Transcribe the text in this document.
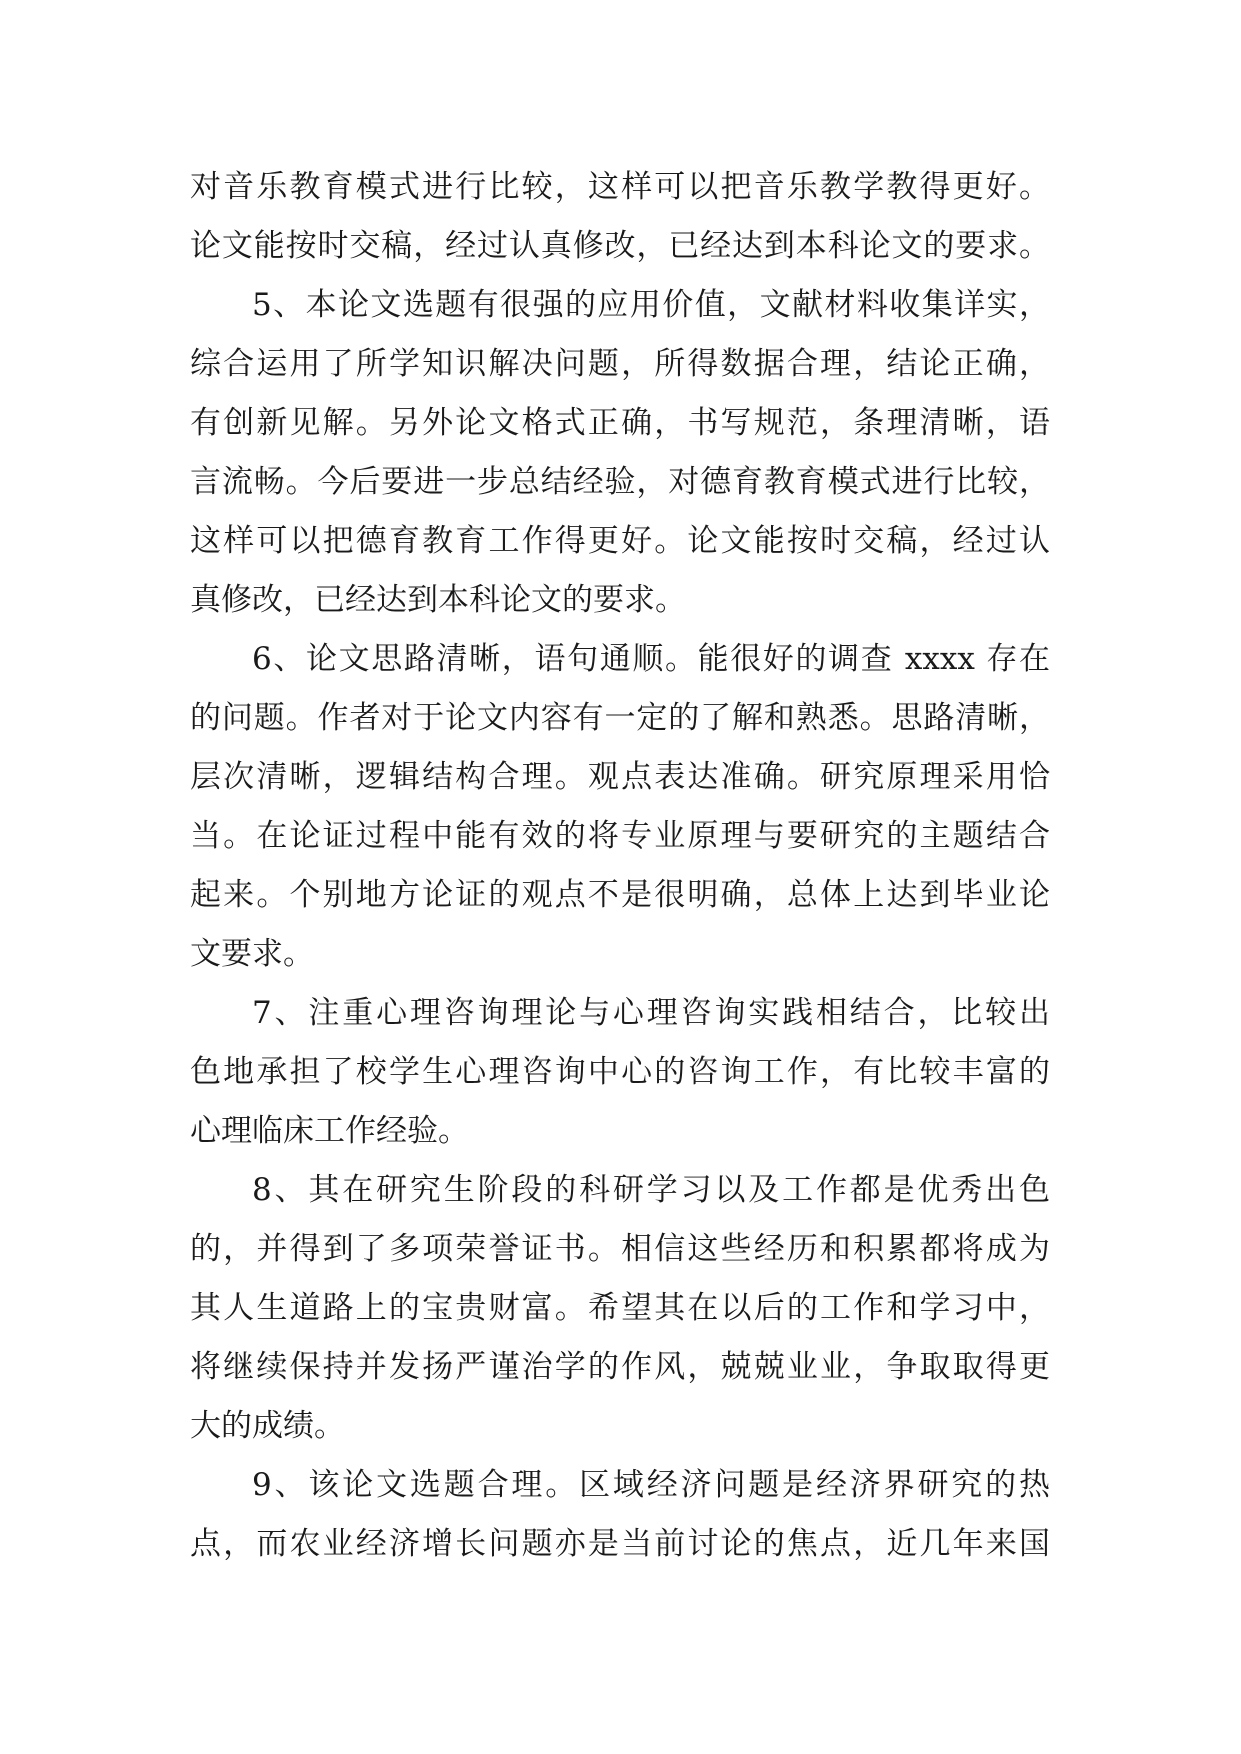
对音乐教育模式进行比较，这样可以把音乐教学教得更好。
论文能按时交稿，经过认真修改，已经达到本科论文的要求。
5、本论文选题有很强的应用价值，文献材料收集详实，
综合运用了所学知识解决问题，所得数据合理，结论正确，
有创新见解。另外论文格式正确，书写规范，条理清晰，语
言流畅。今后要进一步总结经验，对德育教育模式进行比较，
这样可以把德育教育工作得更好。论文能按时交稿，经过认
真修改，已经达到本科论文的要求。
6、论文思路清晰，语句通顺。能很好的调查 xxxx 存在
的问题。作者对于论文内容有一定的了解和熟悉。思路清晰，
层次清晰，逻辑结构合理。观点表达准确。研究原理采用恰
当。在论证过程中能有效的将专业原理与要研究的主题结合
起来。个别地方论证的观点不是很明确，总体上达到毕业论
文要求。
7、注重心理咨询理论与心理咨询实践相结合，比较出
色地承担了校学生心理咨询中心的咨询工作，有比较丰富的
心理临床工作经验。
8、其在研究生阶段的科研学习以及工作都是优秀出色
的，并得到了多项荣誉证书。相信这些经历和积累都将成为
其人生道路上的宝贵财富。希望其在以后的工作和学习中，
将继续保持并发扬严谨治学的作风，兢兢业业，争取取得更
大的成绩。
9、该论文选题合理。区域经济问题是经济界研究的热
点，而农业经济增长问题亦是当前讨论的焦点，近几年来国
